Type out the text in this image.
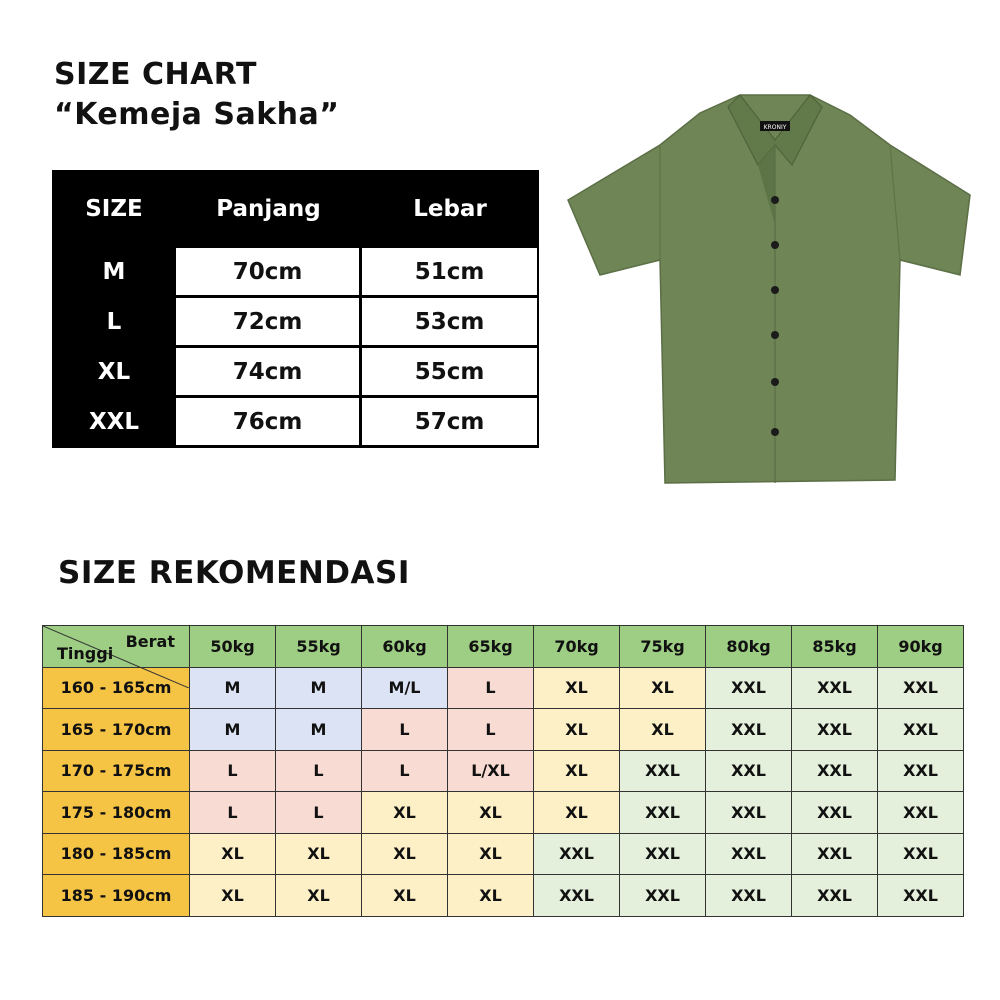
SIZE CHART
“Kemeja Sakha”
SIZE	Panjang	Lebar
M	70cm	51cm
L	72cm	53cm
XL	74cm	55cm
XXL	76cm	57cm
KRONIY
SIZE REKOMENDASI
Berat
Tinggi	50kg	55kg	60kg	65kg	70kg	75kg	80kg	85kg	90kg
160 - 165cm	M	M	M/L	L	XL	XL	XXL	XXL	XXL
165 - 170cm	M	M	L	L	XL	XL	XXL	XXL	XXL
170 - 175cm	L	L	L	L/XL	XL	XXL	XXL	XXL	XXL
175 - 180cm	L	L	XL	XL	XL	XXL	XXL	XXL	XXL
180 - 185cm	XL	XL	XL	XL	XXL	XXL	XXL	XXL	XXL
185 - 190cm	XL	XL	XL	XL	XXL	XXL	XXL	XXL	XXL
